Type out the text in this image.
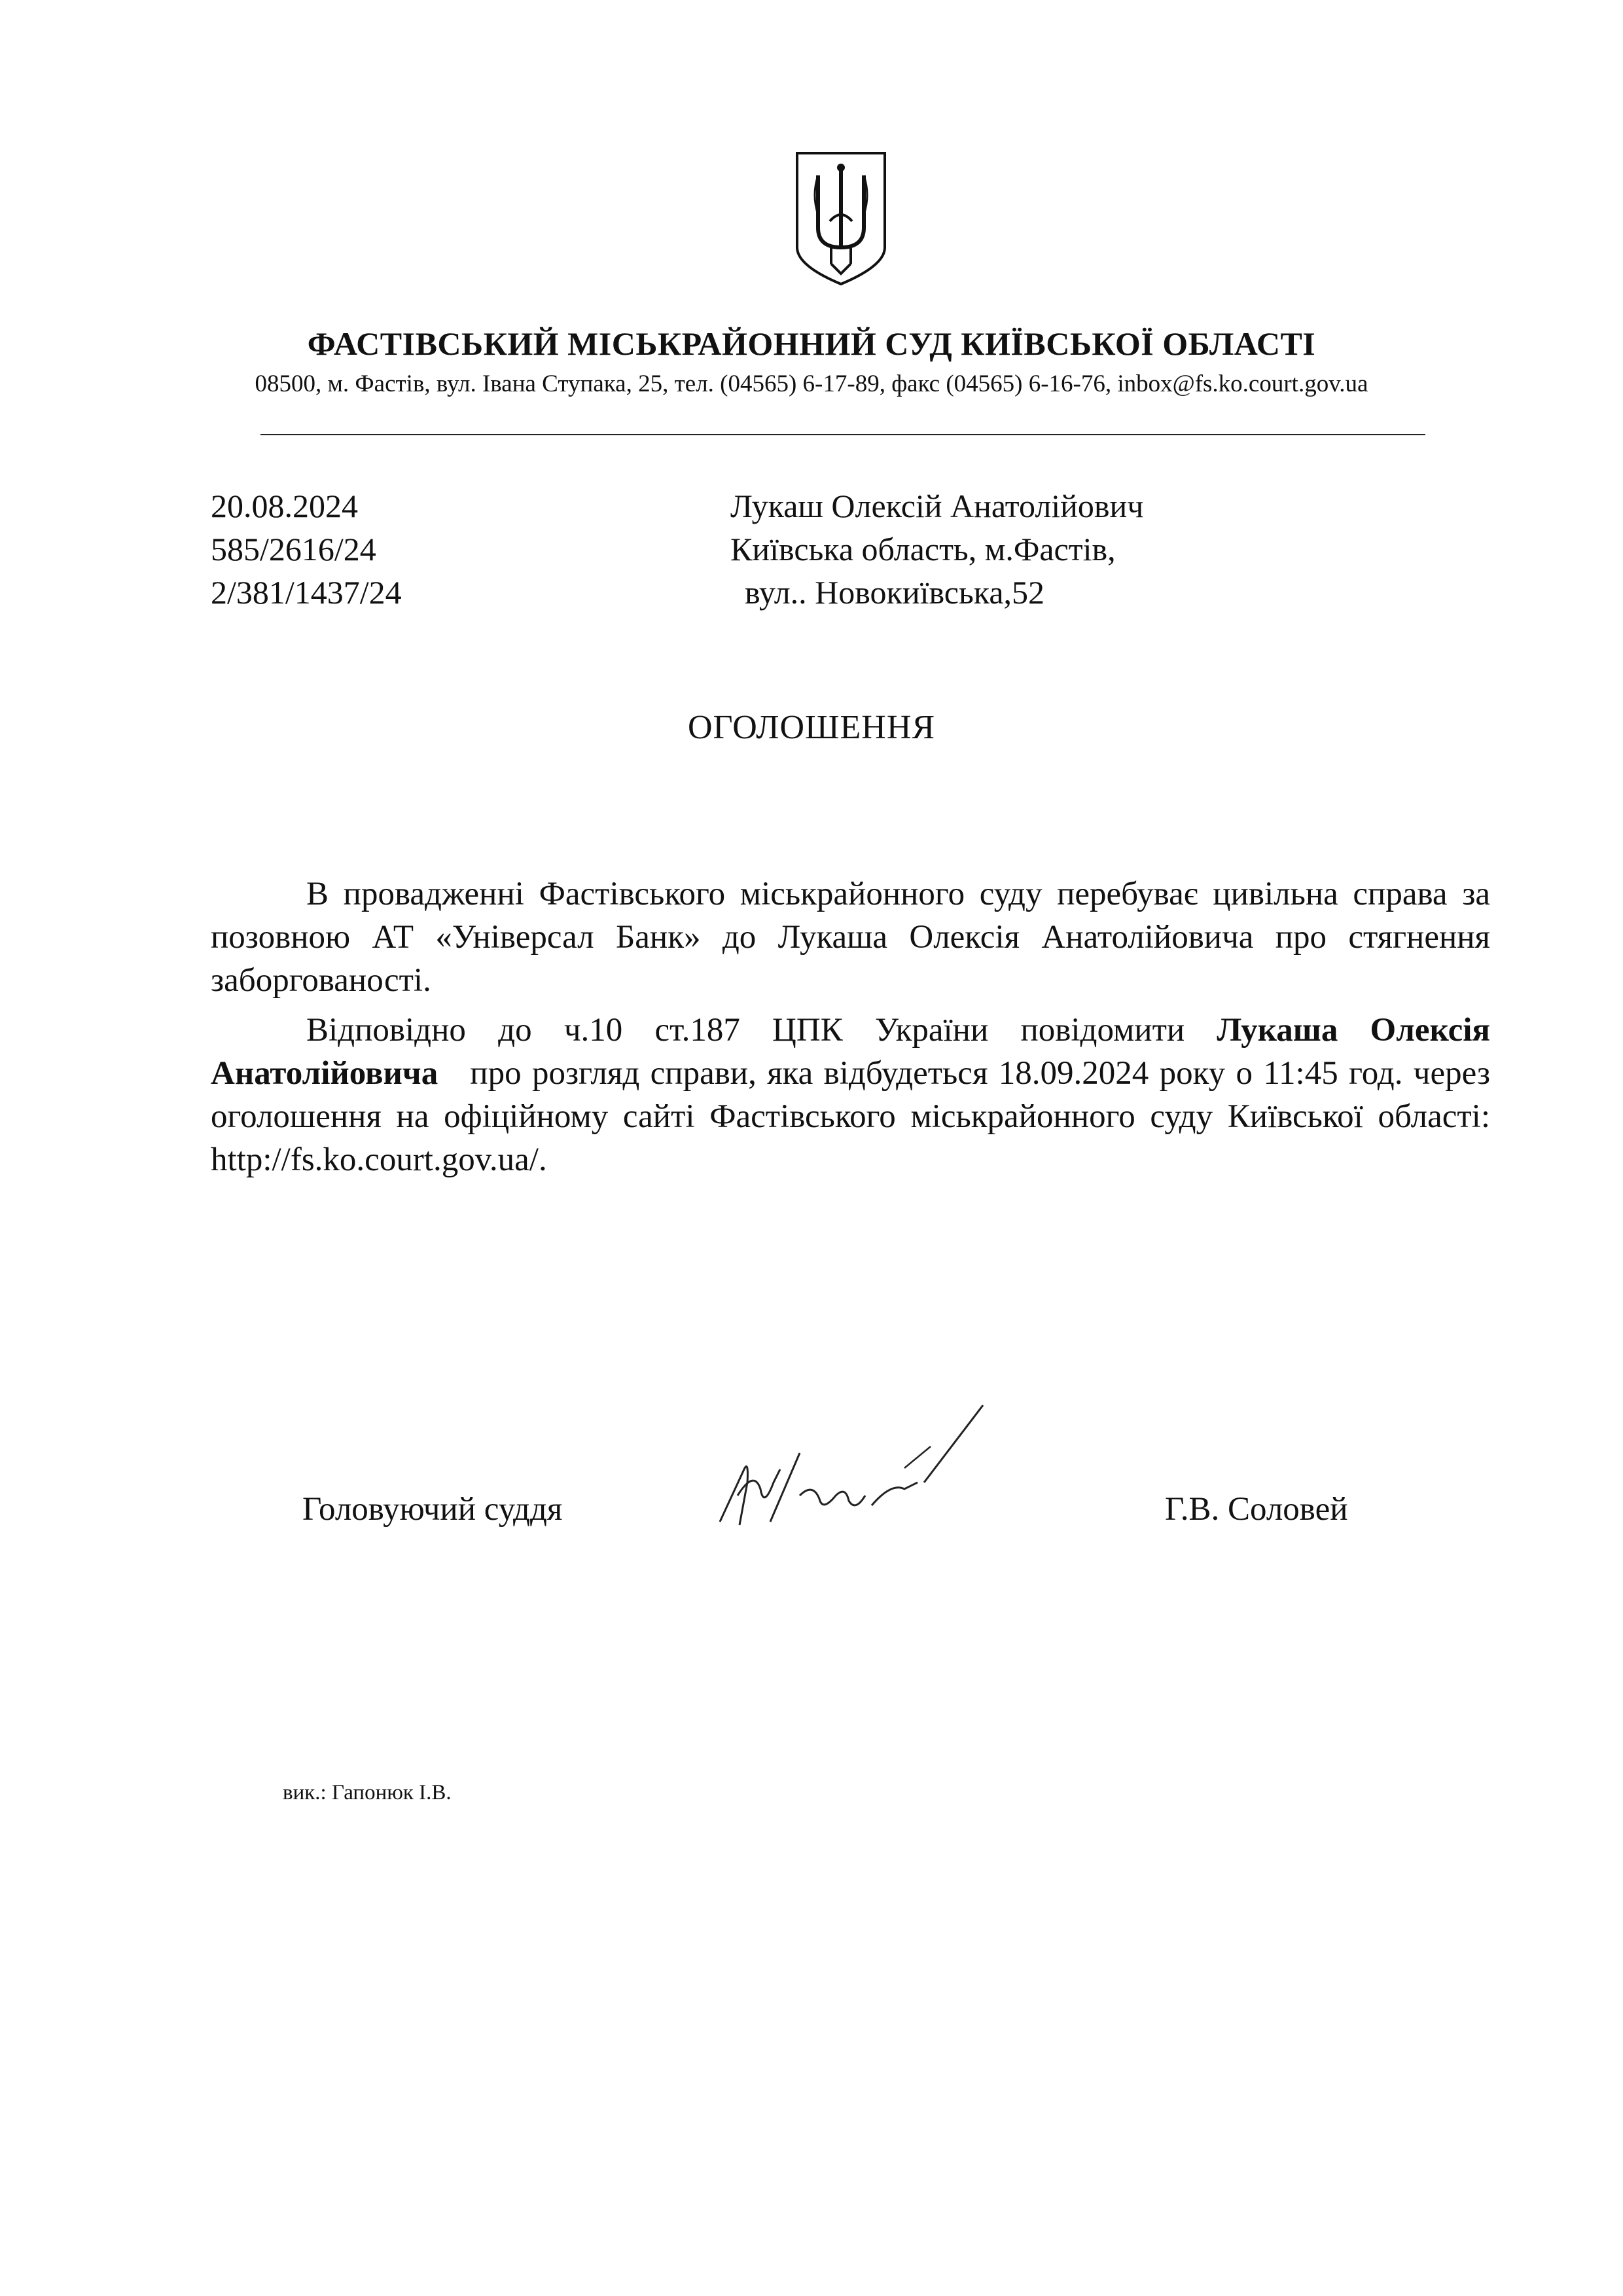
ФАСТІВСЬКИЙ МІСЬКРАЙОННИЙ СУД КИЇВСЬКОЇ ОБЛАСТІ
08500, м. Фастів, вул. Івана Ступака, 25, тел. (04565) 6-17-89, факс (04565) 6-16-76, inbox@fs.ko.court.gov.ua
20.08.2024
585/2616/24
2/381/1437/24
Лукаш Олексій Анатолійович
Київська область, м.Фастів,
вул.. Новокиївська,52
ОГОЛОШЕННЯ
В провадженні Фастівського міськрайонного суду перебуває цивільна справа за позовною АТ «Універсал Банк» до Лукаша Олексія Анатолійовича про стягнення заборгованості.
Відповідно до ч.10 ст.187 ЦПК України повідомити Лукаша Олексія Анатолійовича   про розгляд справи, яка відбудеться 18.09.2024 року о 11:45 год. через оголошення на офіційному сайті Фастівського міськрайонного суду Київської області: http://fs.ko.court.gov.ua/.
Головуючий суддя	Г.В. Соловей
вик.: Гапонюк І.В.
